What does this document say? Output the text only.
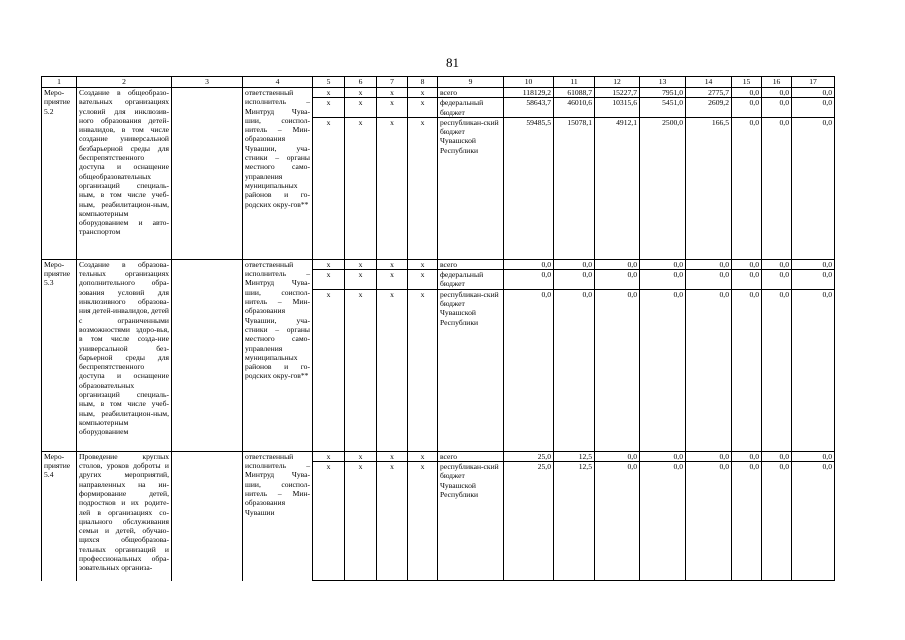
81
1	2	3	4	5	6	7	8	9	10	11	12	13	14	15	16	17
Меро-приятие 5.2	Создание в общеобразо-вательных организациях условий для инклюзив-ного образования детей-инвалидов, в том числе создание универсальной безбарьерной среды для беспрепятственного доступа и оснащение общеобразовательных организаций специаль-ным, в том числе учеб-ным, реабилитацион-ным, компьютерным оборудованием и авто-транспортом		ответственный исполнитель – Минтруд Чува-шии, соиспол-нитель – Мин-образования Чувашии, уча-стники – органы местного само-управления муниципальных районов и го-родских окру-гов**	x	x	x	x	всего	118129,2	61088,7	15227,7	7951,0	2775,7	0,0	0,0	0,0
				x	x	x	x	федеральный бюджет	58643,7	46010,6	10315,6	5451,0	2609,2	0,0	0,0	0,0
				x	x	x	x	республикан-ский бюджет Чувашской Республики	59485,5	15078,1	4912,1	2500,0	166,5	0,0	0,0	0,0
Меро-приятие 5.3	Создание в образова-тельных организациях дополнительного обра-зования условий для инклюзивного образова-ния детей-инвалидов, детей с ограниченными возможностями здоро-вья, в том числе созда-ние универсальной без-барьерной среды для беспрепятственного доступа и оснащение образовательных организаций специаль-ным, в том числе учеб-ным, реабилитацион-ным, компьютерным оборудованием		ответственный исполнитель – Минтруд Чува-шии, соиспол-нитель – Мин-образования Чувашии, уча-стники – органы местного само-управления муниципальных районов и го-родских окру-гов**	x	x	x	x	всего	0,0	0,0	0,0	0,0	0,0	0,0	0,0	0,0
				x	x	x	x	федеральный бюджет	0,0	0,0	0,0	0,0	0,0	0,0	0,0	0,0
				x	x	x	x	республикан-ский бюджет Чувашской Республики	0,0	0,0	0,0	0,0	0,0	0,0	0,0	0,0
Меро-приятие 5.4	Проведение круглых столов, уроков доброты и других мероприятий, направленных на ин-формирование детей, подростков и их родите-лей в организациях со-циального обслуживания семьи и детей, обучаю-щихся общеобразова-тельных организаций и профессиональных обра-зовательных организа-		ответственный исполнитель – Минтруд Чува-шии, соиспол-нитель – Мин-образования Чувашии	x	x	x	x	всего	25,0	12,5	0,0	0,0	0,0	0,0	0,0	0,0
				x	x	x	x	республикан-ский бюджет Чувашской Республики	25,0	12,5	0,0	0,0	0,0	0,0	0,0	0,0
